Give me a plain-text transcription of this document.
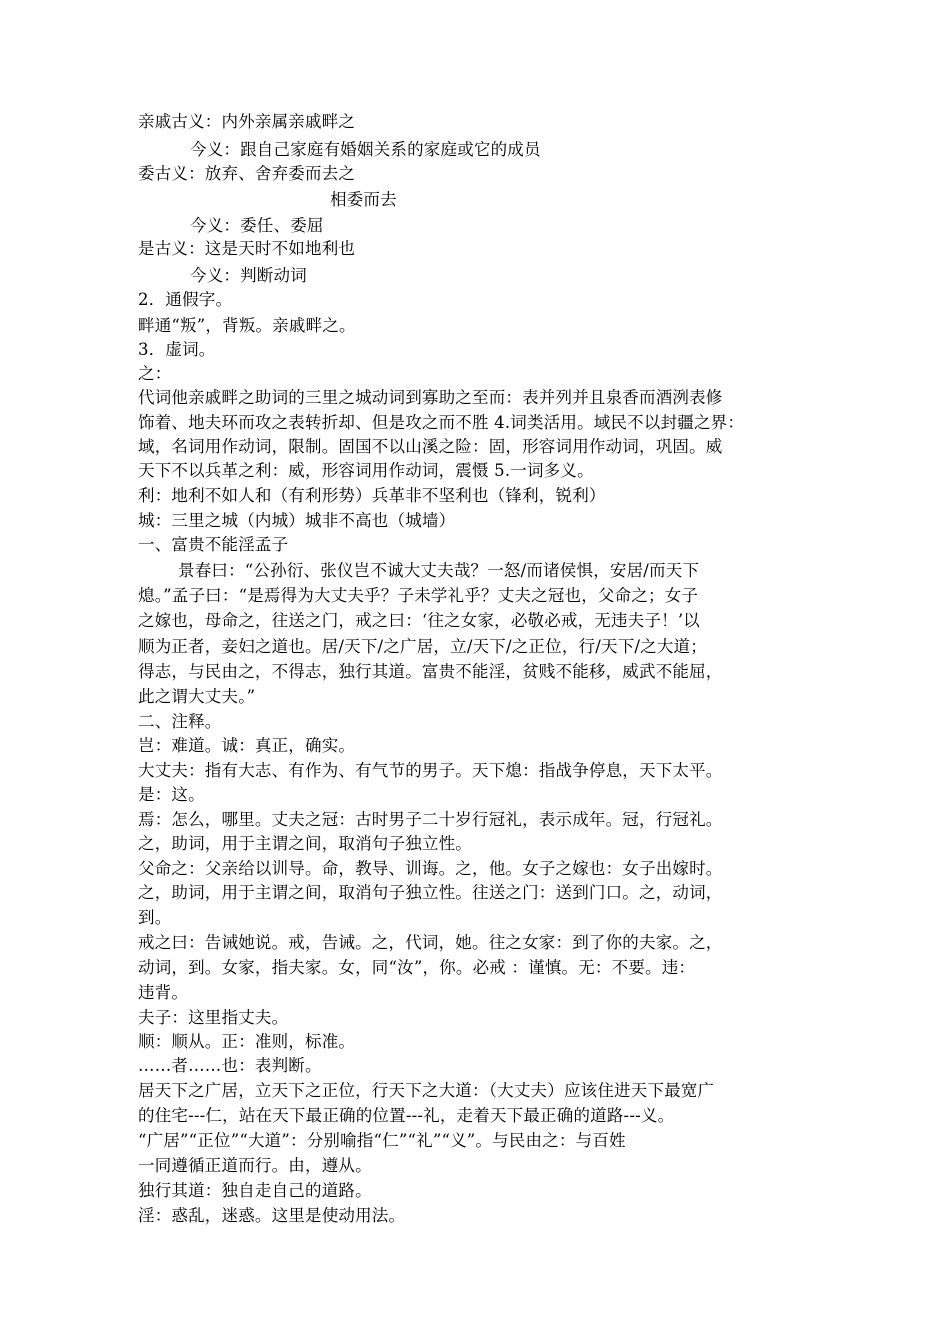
亲戚古义：内外亲属亲戚畔之
今义：跟自己家庭有婚姻关系的家庭或它的成员
委古义：放弃、舍弃委而去之
相委而去
今义：委任、委屈
是古义：这是天时不如地利也
今义：判断动词
2．通假字。
畔通“叛”，背叛。亲戚畔之。
3．虚词。
之：
代词他亲戚畔之助词的三里之城动词到寡助之至而：表并列并且泉香而酒洌表修
饰着、地夫环而攻之表转折却、但是攻之而不胜 4.词类活用。域民不以封疆之界：
域，名词用作动词，限制。固国不以山溪之险：固，形容词用作动词，巩固。威
天下不以兵革之利：威，形容词用作动词，震慑 5.一词多义。
利：地利不如人和（有利形势）兵革非不坚利也（锋利，锐利）
城：三里之城（内城）城非不高也（城墙）
一、富贵不能淫孟子
景春曰：“公孙衍、张仪岂不诚大丈夫哉？一怒/而诸侯惧，安居/而天下
熄。”孟子曰：“是焉得为大丈夫乎？子未学礼乎？丈夫之冠也，父命之；女子
之嫁也，母命之，往送之门，戒之曰：‘往之女家，必敬必戒，无违夫子！’以
顺为正者，妾妇之道也。居/天下/之广居，立/天下/之正位，行/天下/之大道；
得志，与民由之，不得志，独行其道。富贵不能淫，贫贱不能移，威武不能屈，
此之谓大丈夫。”
二、注释。
岂：难道。诚：真正，确实。
大丈夫：指有大志、有作为、有气节的男子。天下熄：指战争停息，天下太平。
是：这。
焉：怎么，哪里。丈夫之冠：古时男子二十岁行冠礼，表示成年。冠，行冠礼。
之，助词，用于主谓之间，取消句子独立性。
父命之：父亲给以训导。命，教导、训诲。之，他。女子之嫁也：女子出嫁时。
之，助词，用于主谓之间，取消句子独立性。往送之门：送到门口。之，动词，
到。
戒之曰：告诫她说。戒，告诫。之，代词，她。往之女家：到了你的夫家。之，
动词，到。女家，指夫家。女，同“汝”，你。必戒 ：谨慎。无：不要。违：
违背。
夫子：这里指丈夫。
顺：顺从。正：准则，标准。
……者……也：表判断。
居天下之广居，立天下之正位，行天下之大道：（大丈夫）应该住进天下最宽广
的住宅---仁，站在天下最正确的位置---礼，走着天下最正确的道路---义。
“广居”“正位”“大道”：分别喻指“仁”“礼”“义”。与民由之：与百姓
一同遵循正道而行。由，遵从。
独行其道：独自走自己的道路。
淫：惑乱，迷惑。这里是使动用法。
